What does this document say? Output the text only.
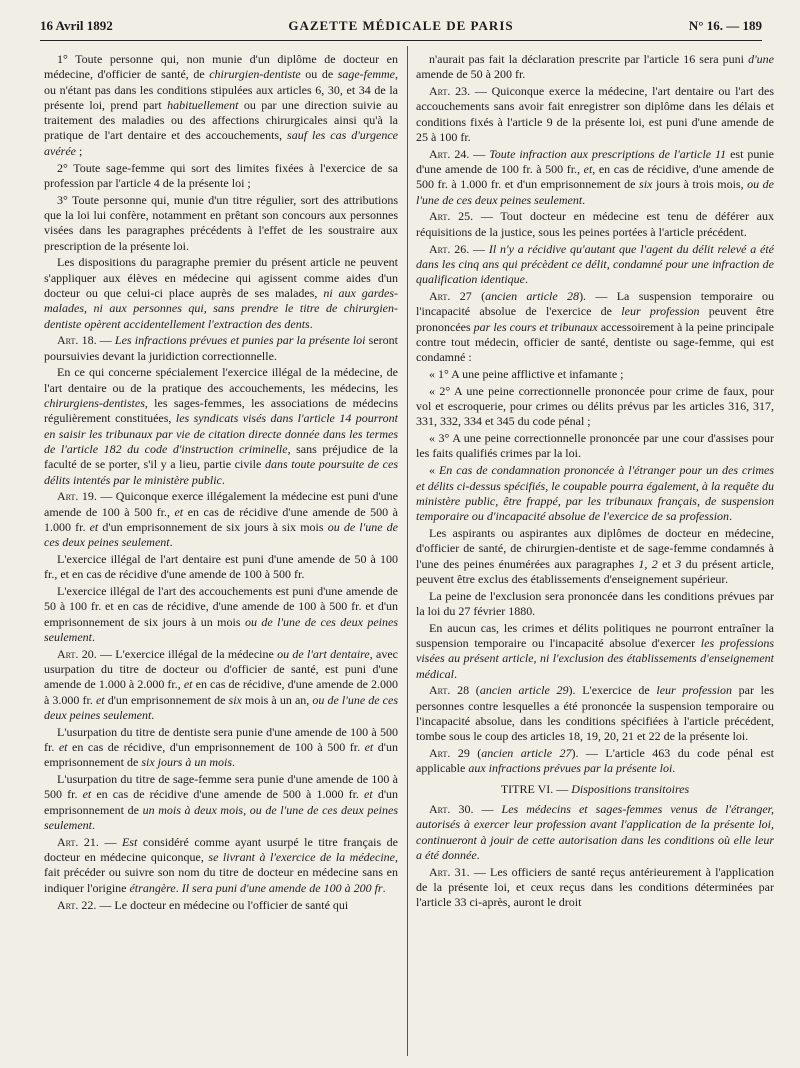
16 Avril 1892	GAZETTE MÉDICALE DE PARIS	N° 16. — 189

1° Toute personne qui, non munie d'un diplôme de docteur en médecine, d'officier de santé, de chirurgien-dentiste ou de sage-femme, ou n'étant pas dans les conditions stipulées aux articles 6, 30, et 34 de la présente loi, prend part habituellement ou par une direction suivie au traitement des maladies ou des affections chirurgicales ainsi qu'à la pratique de l'art dentaire et des accouchements, sauf les cas d'urgence avérée ;

2° Toute sage-femme qui sort des limites fixées à l'exercice de sa profession par l'article 4 de la présente loi ;

3° Toute personne qui, munie d'un titre régulier, sort des attributions que la loi lui confère, notamment en prêtant son concours aux personnes visées dans les paragraphes précédents à l'effet de les soustraire aux prescription de la présente loi.

Les dispositions du paragraphe premier du présent article ne peuvent s'appliquer aux élèves en médecine qui agissent comme aides d'un docteur ou que celui-ci place auprès de ses malades, ni aux gardes-malades, ni aux personnes qui, sans prendre le titre de chirurgien-dentiste opèrent accidentellement l'extraction des dents.

Art. 18. — Les infractions prévues et punies par la présente loi seront poursuivies devant la juridiction correctionnelle.

En ce qui concerne spécialement l'exercice illégal de la médecine, de l'art dentaire ou de la pratique des accouchements, les médecins, les chirurgiens-dentistes, les sages-femmes, les associations de médecins régulièrement constituées, les syndicats visés dans l'article 14 pourront en saisir les tribunaux par vie de citation directe donnée dans les termes de l'article 182 du code d'instruction criminelle, sans préjudice de la faculté de se porter, s'il y a lieu, partie civile dans toute poursuite de ces délits intentés par le ministère public.

Art. 19. — Quiconque exerce illégalement la médecine est puni d'une amende de 100 à 500 fr., et en cas de récidive d'une amende de 500 à 1.000 fr. et d'un emprisonnement de six jours à six mois ou de l'une de ces deux peines seulement.

L'exercice illégal de l'art dentaire est puni d'une amende de 50 à 100 fr., et en cas de récidive d'une amende de 100 à 500 fr.

L'exercice illégal de l'art des accouchements est puni d'une amende de 50 à 100 fr. et en cas de récidive, d'une amende de 100 à 500 fr. et d'un emprisonnement de six jours à un mois ou de l'une de ces deux peines seulement.

Art. 20. — L'exercice illégal de la médecine ou de l'art dentaire, avec usurpation du titre de docteur ou d'officier de santé, est puni d'une amende de 1.000 à 2.000 fr., et en cas de récidive, d'une amende de 2.000 à 3.000 fr. et d'un emprisonnement de six mois à un an, ou de l'une de ces deux peines seulement.

L'usurpation du titre de dentiste sera punie d'une amende de 100 à 500 fr. et en cas de récidive, d'un emprisonnement de 100 à 500 fr. et d'un emprisonnement de six jours à un mois.

L'usurpation du titre de sage-femme sera punie d'une amende de 100 à 500 fr. et en cas de récidive d'une amende de 500 à 1.000 fr. et d'un emprisonnement de un mois à deux mois, ou de l'une de ces deux peines seulement.

Art. 21. — Est considéré comme ayant usurpé le titre français de docteur en médecine quiconque, se livrant à l'exercice de la médecine, fait précéder ou suivre son nom du titre de docteur en médecine sans en indiquer l'origine étrangère. Il sera puni d'une amende de 100 à 200 fr.

Art. 22. — Le docteur en médecine ou l'officier de santé qui

n'aurait pas fait la déclaration prescrite par l'article 16 sera puni d'une amende de 50 à 200 fr.

Art. 23. — Quiconque exerce la médecine, l'art dentaire ou l'art des accouchements sans avoir fait enregistrer son diplôme dans les délais et conditions fixés à l'article 9 de la présente loi, est puni d'une amende de 25 à 100 fr.

Art. 24. — Toute infraction aux prescriptions de l'article 11 est punie d'une amende de 100 fr. à 500 fr., et, en cas de récidive, d'une amende de 500 fr. à 1.000 fr. et d'un emprisonnement de six jours à trois mois, ou de l'une de ces deux peines seulement.

Art. 25. — Tout docteur en médecine est tenu de déférer aux réquisitions de la justice, sous les peines portées à l'article précédent.

Art. 26. — Il n'y a récidive qu'autant que l'agent du délit relevé a été dans les cinq ans qui précèdent ce délit, condamné pour une infraction de qualification identique.

Art. 27 (ancien article 28). — La suspension temporaire ou l'incapacité absolue de l'exercice de leur profession peuvent être prononcées par les cours et tribunaux accessoirement à la peine principale contre tout médecin, officier de santé, dentiste ou sage-femme, qui est condamné :

« 1° A une peine afflictive et infamante ;

« 2° A une peine correctionnelle prononcée pour crime de faux, pour vol et escroquerie, pour crimes ou délits prévus par les articles 316, 317, 331, 332, 334 et 345 du code pénal ;

« 3° A une peine correctionnelle prononcée par une cour d'assises pour les faits qualifiés crimes par la loi.

« En cas de condamnation prononcée à l'étranger pour un des crimes et délits ci-dessus spécifiés, le coupable pourra également, à la requête du ministère public, être frappé, par les tribunaux français, de suspension temporaire ou d'incapacité absolue de l'exercice de sa profession.

Les aspirants ou aspirantes aux diplômes de docteur en médecine, d'officier de santé, de chirurgien-dentiste et de sage-femme condamnés à l'une des peines énumérées aux paragraphes 1, 2 et 3 du présent article, peuvent être exclus des établissements d'enseignement supérieur.

La peine de l'exclusion sera prononcée dans les conditions prévues par la loi du 27 février 1880.

En aucun cas, les crimes et délits politiques ne pourront entraîner la suspension temporaire ou l'incapacité absolue d'exercer les professions visées au présent article, ni l'exclusion des établissements d'enseignement médical.

Art. 28 (ancien article 29). L'exercice de leur profession par les personnes contre lesquelles a été prononcée la suspension temporaire ou l'incapacité absolue, dans les conditions spécifiées à l'article précédent, tombe sous le coup des articles 18, 19, 20, 21 et 22 de la présente loi.

Art. 29 (ancien article 27). — L'article 463 du code pénal est applicable aux infractions prévues par la présente loi.

TITRE VI. — Dispositions transitoires

Art. 30. — Les médecins et sages-femmes venus de l'étranger, autorisés à exercer leur profession avant l'application de la présente loi, continueront à jouir de cette autorisation dans les conditions où elle leur a été donnée.

Art. 31. — Les officiers de santé reçus antérieurement à l'application de la présente loi, et ceux reçus dans les conditions déterminées par l'article 33 ci-après, auront le droit
